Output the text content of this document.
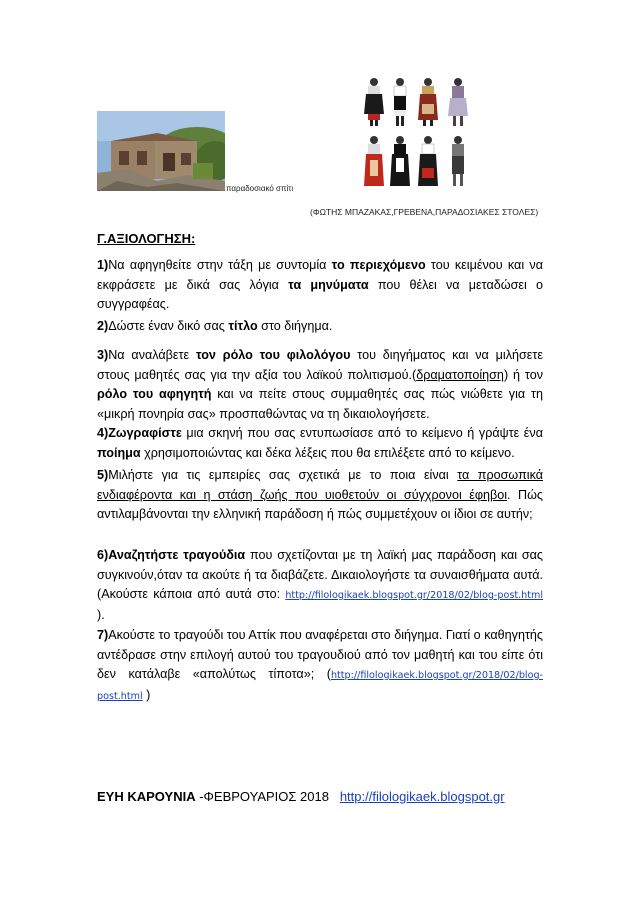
παραδοσιακό σπίτι
(ΦΩΤΗΣ ΜΠΑΖΑΚΑΣ,ΓΡΕΒΕΝΑ,ΠΑΡΑΔΟΣΙΑΚΕΣ ΣΤΟΛΕΣ)
Γ.ΑΞΙΟΛΟΓΗΣΗ:
1)Να αφηγηθείτε στην τάξη με συντομία το περιεχόμενο του κειμένου και να εκφράσετε με δικά σας λόγια τα μηνύματα που θέλει να μεταδώσει ο συγγραφέας.
2)Δώστε έναν δικό σας τίτλο στο διήγημα.
3)Να αναλάβετε τον ρόλο του φιλολόγου του διηγήματος και να μιλήσετε στους μαθητές σας για την αξία του λαϊκού πολιτισμού.(δραματοποίηση) ή τον ρόλο του αφηγητή και να πείτε στους συμμαθητές σας πώς νιώθετε για τη «μικρή πονηρία σας» προσπαθώντας να τη δικαιολογήσετε.
4)Ζωγραφίστε μια σκηνή που σας εντυπωσίασε από το κείμενο ή γράψτε ένα ποίημα χρησιμοποιώντας και δέκα λέξεις που θα επιλέξετε από το κείμενο.
5)Μιλήστε για τις εμπειρίες σας σχετικά με το ποια είναι τα προσωπικά ενδιαφέροντα και η στάση ζωής που υιοθετούν οι σύγχρονοι έφηβοι. Πώς αντιλαμβάνονται την ελληνική παράδοση ή πώς συμμετέχουν οι ίδιοι σε αυτήν;
6)Αναζητήστε τραγούδια που σχετίζονται με τη λαϊκή μας παράδοση και σας συγκινούν,όταν τα ακούτε ή τα διαβάζετε. Δικαιολογήστε τα συναισθήματα αυτά. (Ακούστε κάποια από αυτά στο: http://filologikaek.blogspot.gr/2018/02/blog-post.html ).
7)Ακούστε το τραγούδι του Αττίκ που αναφέρεται στο διήγημα. Γιατί ο καθηγητής αντέδρασε στην επιλογή αυτού του τραγουδιού από τον μαθητή και του είπε ότι δεν κατάλαβε «απολύτως τίποτα»; (http://filologikaek.blogspot.gr/2018/02/blog-post.html )
ΕΥΗ ΚΑΡΟΥΝΙΑ -ΦΕΒΡΟΥΑΡΙΟΣ 2018   http://filologikaek.blogspot.gr
